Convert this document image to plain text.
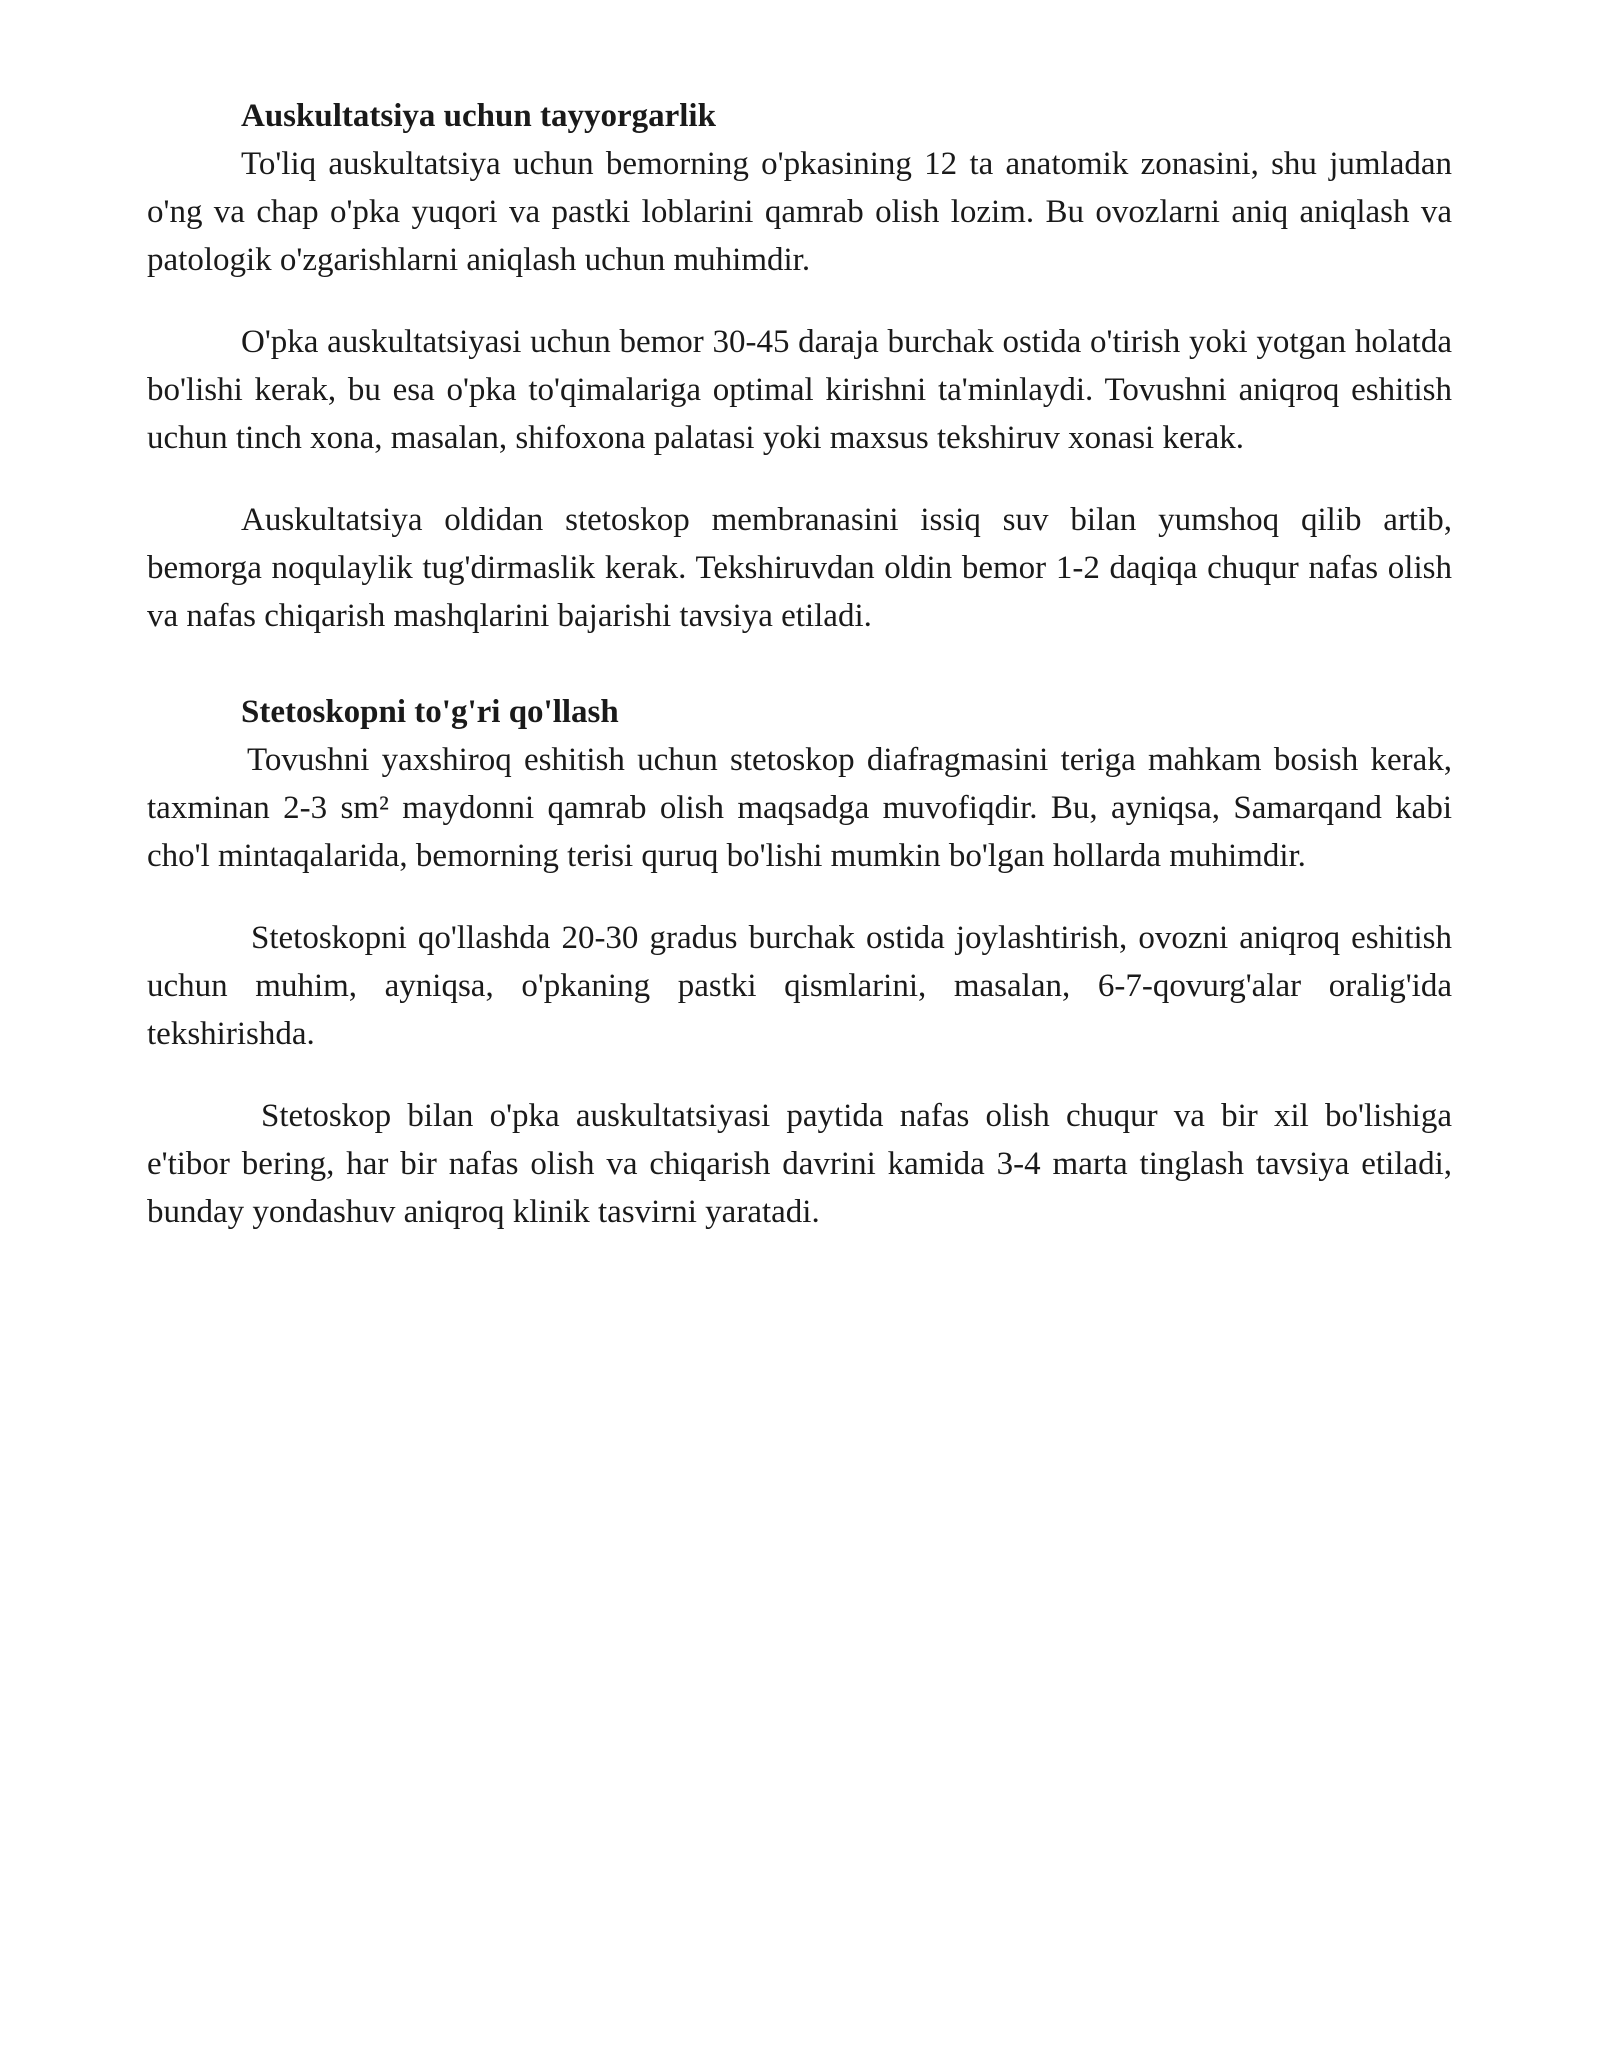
Auskultatsiya uchun tayyorgarlik

To'liq auskultatsiya uchun bemorning o'pkasining 12 ta anatomik zonasini, shu jumladan o'ng va chap o'pka yuqori va pastki loblarini qamrab olish lozim. Bu ovozlarni aniq aniqlash va patologik o'zgarishlarni aniqlash uchun muhimdir.

O'pka auskultatsiyasi uchun bemor 30-45 daraja burchak ostida o'tirish yoki yotgan holatda bo'lishi kerak, bu esa o'pka to'qimalariga optimal kirishni ta'minlaydi. Tovushni aniqroq eshitish uchun tinch xona, masalan, shifoxona palatasi yoki maxsus tekshiruv xonasi kerak.

Auskultatsiya oldidan stetoskop membranasini issiq suv bilan yumshoq qilib artib, bemorga noqulaylik tug'dirmaslik kerak. Tekshiruvdan oldin bemor 1-2 daqiqa chuqur nafas olish va nafas chiqarish mashqlarini bajarishi tavsiya etiladi.

Stetoskopni to'g'ri qo'llash

Tovushni yaxshiroq eshitish uchun stetoskop diafragmasini teriga mahkam bosish kerak, taxminan 2-3 sm² maydonni qamrab olish maqsadga muvofiqdir. Bu, ayniqsa, Samarqand kabi cho'l mintaqalarida, bemorning terisi quruq bo'lishi mumkin bo'lgan hollarda muhimdir.

Stetoskopni qo'llashda 20-30 gradus burchak ostida joylashtirish, ovozni aniqroq eshitish uchun muhim, ayniqsa, o'pkaning pastki qismlarini, masalan, 6-7-qovurg'alar oralig'ida tekshirishda.

Stetoskop bilan o'pka auskultatsiyasi paytida nafas olish chuqur va bir xil bo'lishiga e'tibor bering, har bir nafas olish va chiqarish davrini kamida 3-4 marta tinglash tavsiya etiladi, bunday yondashuv aniqroq klinik tasvirni yaratadi.
